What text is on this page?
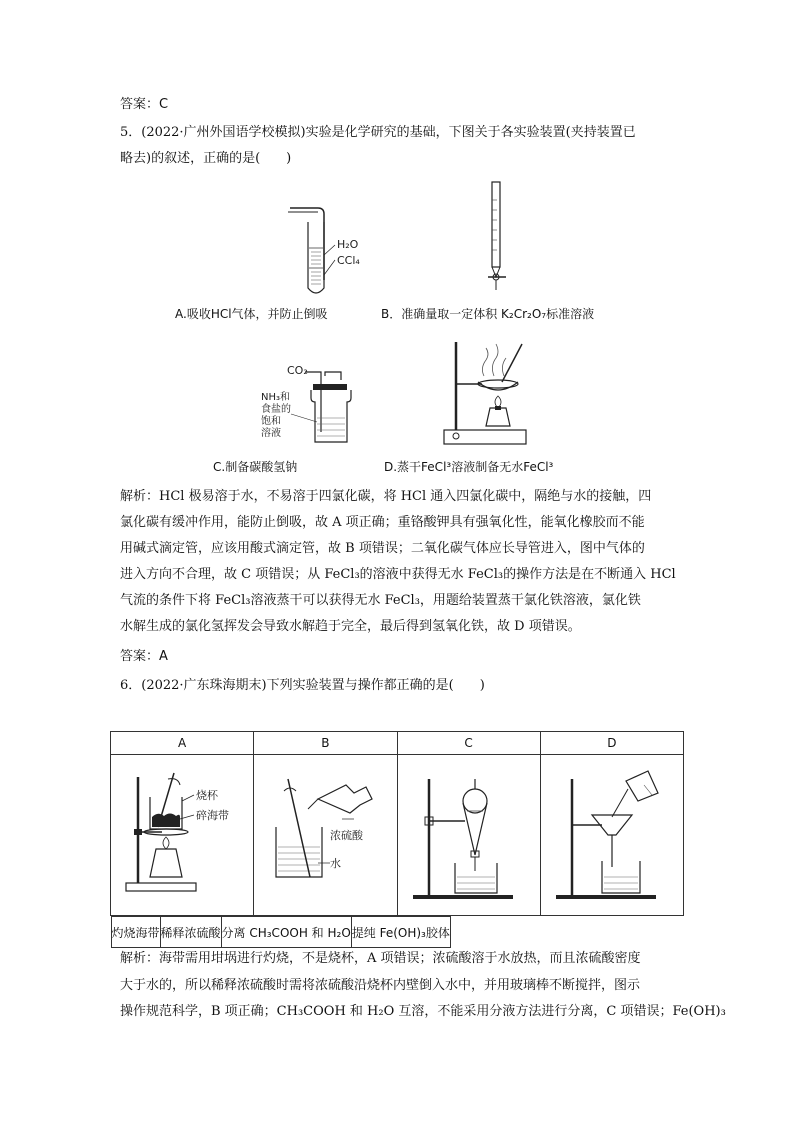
答案：C
5．(2022·广州外国语学校模拟)实验是化学研究的基础，下图关于各实验装置(夹持装置已
略去)的叙述，正确的是(　　)
H₂O
CCl₄
A.吸收HCl气体，并防止倒吸	B．准确量取一定体积 K₂Cr₂O₇标准溶液
CO₂
NH₃和
食盐的
饱和
溶液
C.制备碳酸氢钠	D.蒸干FeCl³溶液制备无水FeCl³
解析：HCl 极易溶于水，不易溶于四氯化碳，将 HCl 通入四氯化碳中，隔绝与水的接触，四
氯化碳有缓冲作用，能防止倒吸，故 A 项正确；重铬酸钾具有强氧化性，能氧化橡胶而不能
用碱式滴定管，应该用酸式滴定管，故 B 项错误；二氧化碳气体应长导管进入，图中气体的
进入方向不合理，故 C 项错误；从 FeCl₃的溶液中获得无水 FeCl₃的操作方法是在不断通入 HCl
气流的条件下将 FeCl₃溶液蒸干可以获得无水 FeCl₃，用题给装置蒸干氯化铁溶液，氯化铁
水解生成的氯化氢挥发会导致水解趋于完全，最后得到氢氧化铁，故 D 项错误。
答案：A
6．(2022·广东珠海期末)下列实验装置与操作都正确的是(　　)
A	B	C	D

烧杯
碎海带	浓硫酸
水

灼烧海带	稀释浓硫酸	分离 CH₃COOH 和 H₂O	提纯 Fe(OH)₃胶体
解析：海带需用坩埚进行灼烧，不是烧杯，A 项错误；浓硫酸溶于水放热，而且浓硫酸密度
大于水的，所以稀释浓硫酸时需将浓硫酸沿烧杯内壁倒入水中，并用玻璃棒不断搅拌，图示
操作规范科学，B 项正确；CH₃COOH 和 H₂O 互溶，不能采用分液方法进行分离，C 项错误；Fe(OH)₃
